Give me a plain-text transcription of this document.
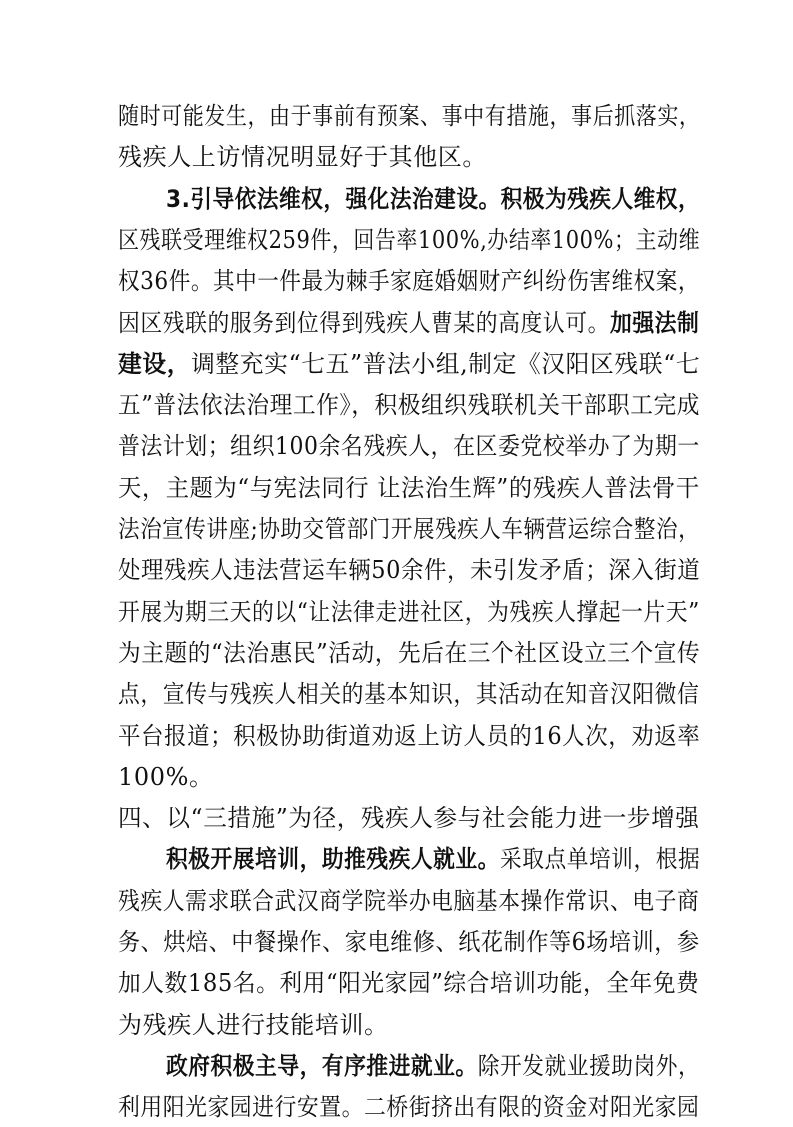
随时可能发生，由于事前有预案、事中有措施，事后抓落实，
残疾人上访情况明显好于其他区。
3.引导依法维权，强化法治建设。积极为残疾人维权，
区残联受理维权259件，回告率100%,办结率100%；主动维
权36件。其中一件最为棘手家庭婚姻财产纠纷伤害维权案，
因区残联的服务到位得到残疾人曹某的高度认可。加强法制
建设，调整充实“七五”普法小组,制定《汉阳区残联“七
五”普法依法治理工作》，积极组织残联机关干部职工完成
普法计划；组织100余名残疾人，在区委党校举办了为期一
天，主题为“与宪法同行 让法治生辉”的残疾人普法骨干
法治宣传讲座;协助交管部门开展残疾人车辆营运综合整治，
处理残疾人违法营运车辆50余件，未引发矛盾；深入街道
开展为期三天的以“让法律走进社区，为残疾人撑起一片天”
为主题的“法治惠民”活动，先后在三个社区设立三个宣传
点，宣传与残疾人相关的基本知识，其活动在知音汉阳微信
平台报道；积极协助街道劝返上访人员的16人次，劝返率
100%。
四、以“三措施”为径，残疾人参与社会能力进一步增强
积极开展培训，助推残疾人就业。采取点单培训，根据
残疾人需求联合武汉商学院举办电脑基本操作常识、电子商
务、烘焙、中餐操作、家电维修、纸花制作等6场培训，参
加人数185名。利用“阳光家园”综合培训功能，全年免费
为残疾人进行技能培训。
政府积极主导，有序推进就业。除开发就业援助岗外，
利用阳光家园进行安置。二桥街挤出有限的资金对阳光家园
